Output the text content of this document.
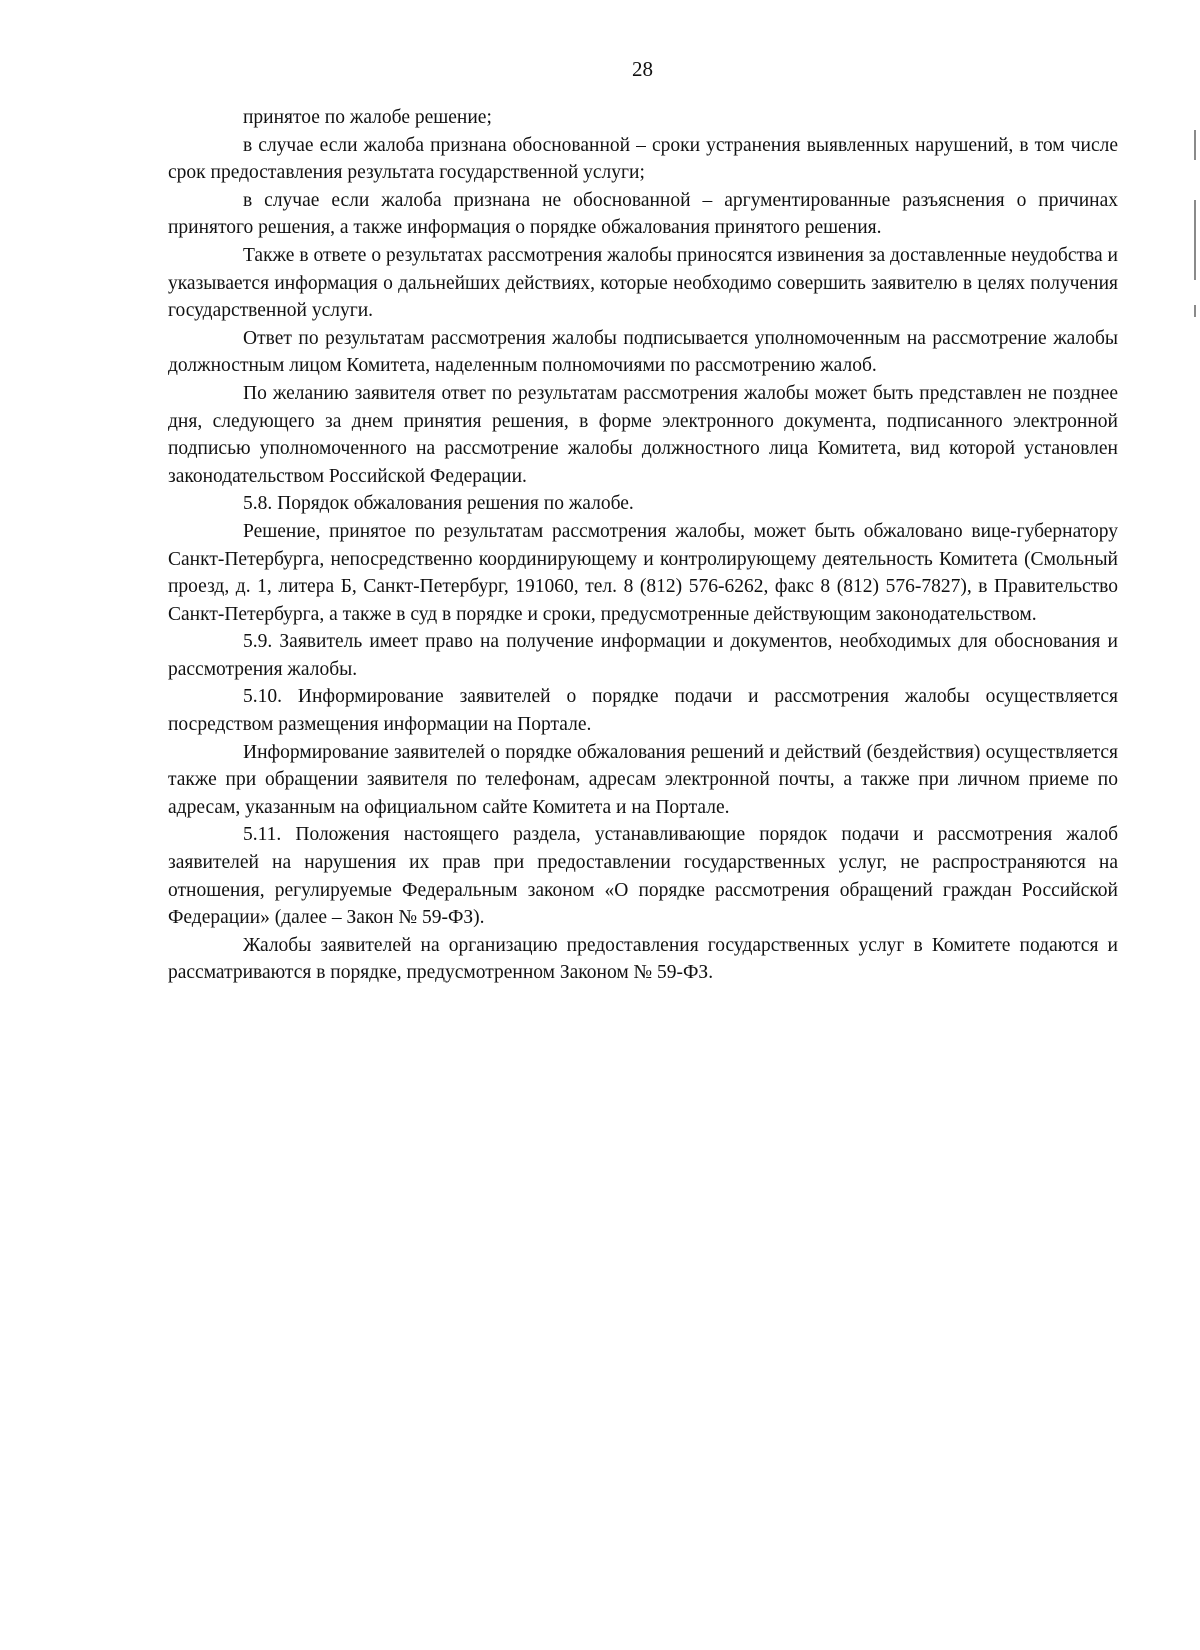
28

принятое по жалобе решение;

в случае если жалоба признана обоснованной – сроки устранения выявленных нарушений, в том числе срок предоставления результата государственной услуги;

в случае если жалоба признана не обоснованной – аргументированные разъяснения о причинах принятого решения, а также информация о порядке обжалования принятого решения.

Также в ответе о результатах рассмотрения жалобы приносятся извинения за доставленные неудобства и указывается информация о дальнейших действиях, которые необходимо совершить заявителю в целях получения государственной услуги.

Ответ по результатам рассмотрения жалобы подписывается уполномоченным на рассмотрение жалобы должностным лицом Комитета, наделенным полномочиями по рассмотрению жалоб.

По желанию заявителя ответ по результатам рассмотрения жалобы может быть представлен не позднее дня, следующего за днем принятия решения, в форме электронного документа, подписанного электронной подписью уполномоченного на рассмотрение жалобы должностного лица Комитета, вид которой установлен законодательством Российской Федерации.

5.8. Порядок обжалования решения по жалобе.

Решение, принятое по результатам рассмотрения жалобы, может быть обжаловано вице-губернатору Санкт-Петербурга, непосредственно координирующему и контролирующему деятельность Комитета (Смольный проезд, д. 1, литера Б, Санкт-Петербург, 191060, тел. 8 (812) 576-6262, факс 8 (812) 576-7827), в Правительство Санкт-Петербурга, а также в суд в порядке и сроки, предусмотренные действующим законодательством.

5.9. Заявитель имеет право на получение информации и документов, необходимых для обоснования и рассмотрения жалобы.

5.10. Информирование заявителей о порядке подачи и рассмотрения жалобы осуществляется посредством размещения информации на Портале.

Информирование заявителей о порядке обжалования решений и действий (бездействия) осуществляется также при обращении заявителя по телефонам, адресам электронной почты, а также при личном приеме по адресам, указанным на официальном сайте Комитета и на Портале.

5.11. Положения настоящего раздела, устанавливающие порядок подачи и рассмотрения жалоб заявителей на нарушения их прав при предоставлении государственных услуг, не распространяются на отношения, регулируемые Федеральным законом «О порядке рассмотрения обращений граждан Российской Федерации» (далее – Закон № 59-ФЗ).

Жалобы заявителей на организацию предоставления государственных услуг в Комитете подаются и рассматриваются в порядке, предусмотренном Законом № 59-ФЗ.
